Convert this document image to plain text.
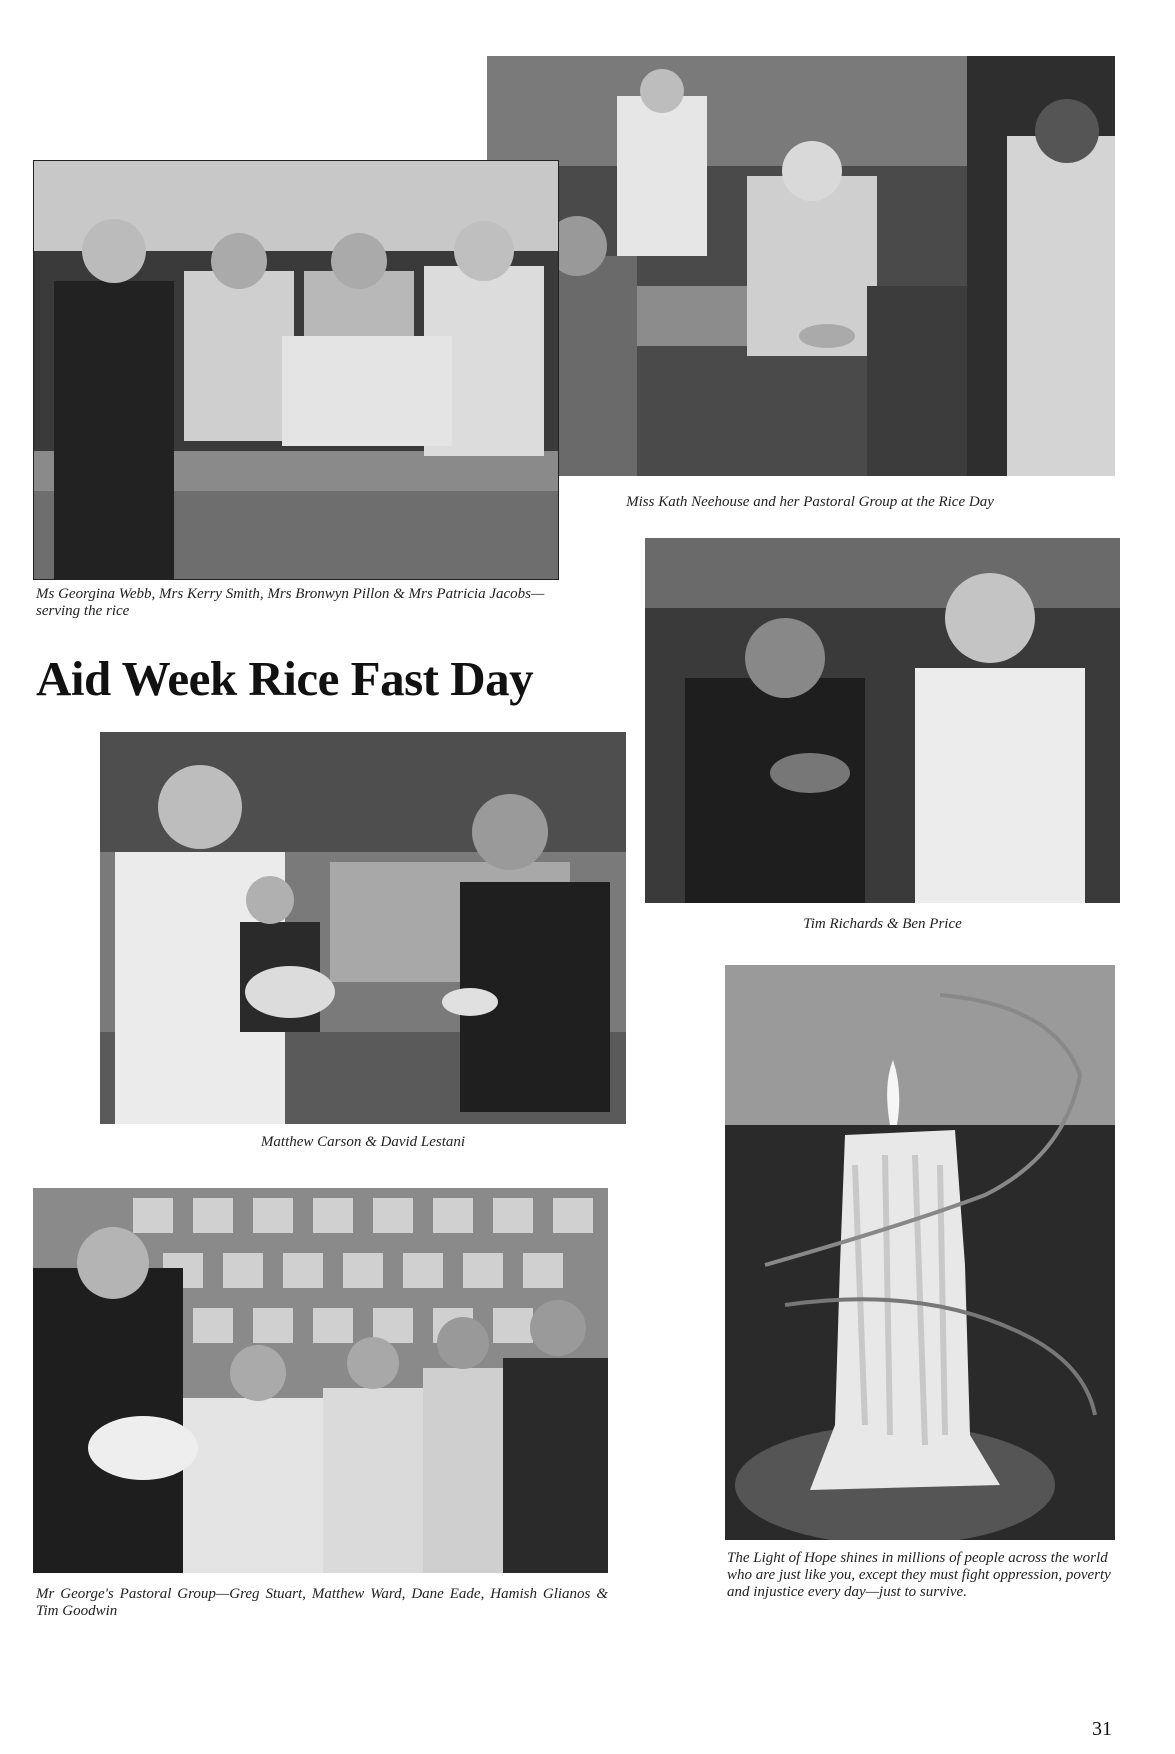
Miss Kath Neehouse and her Pastoral Group at the Rice Day
Ms Georgina Webb, Mrs Kerry Smith, Mrs Bronwyn Pillon & Mrs Patricia Jacobs—serving the rice
Aid Week Rice Fast Day
Tim Richards & Ben Price
Matthew Carson & David Lestani
Mr George's Pastoral Group—Greg Stuart, Matthew Ward, Dane Eade, Hamish Glianos & Tim Goodwin
The Light of Hope shines in millions of people across the world who are just like you, except they must fight oppression, poverty and injustice every day—just to survive.
31
